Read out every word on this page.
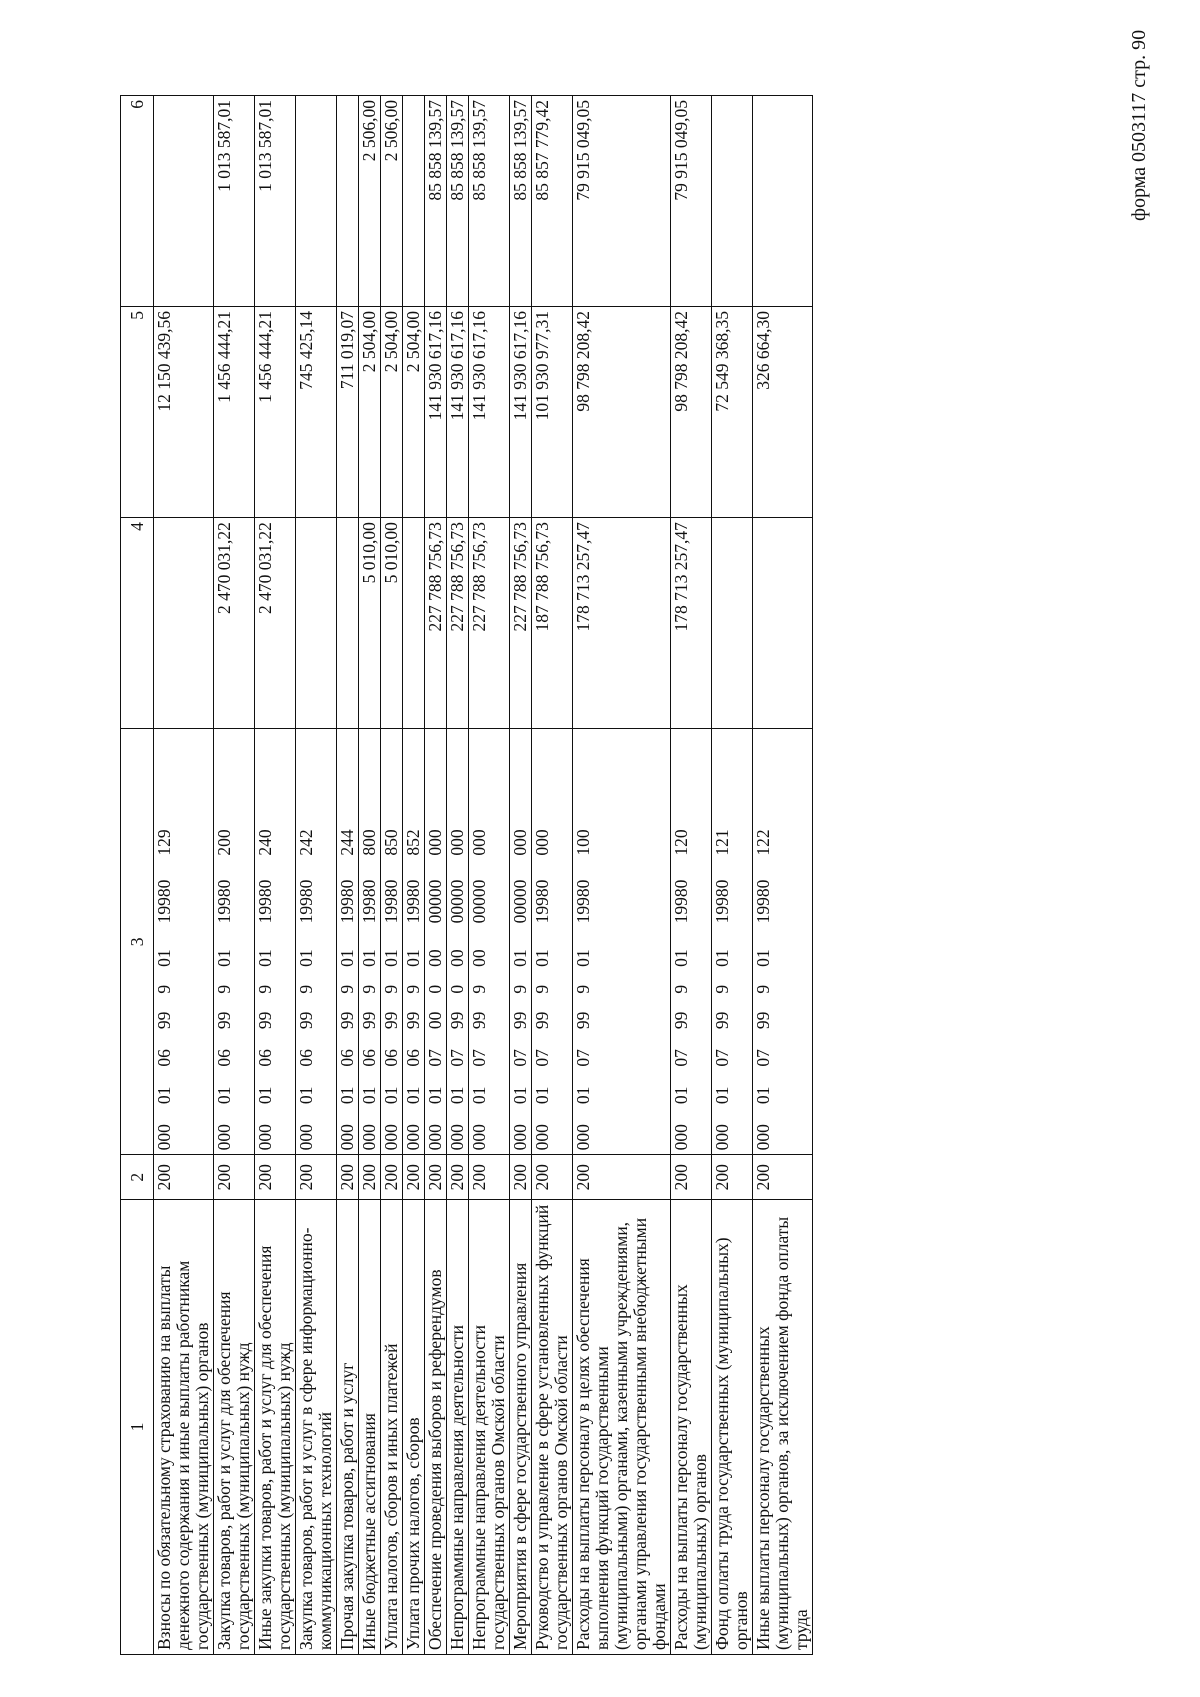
форма 0503117 стр. 90
1	2	3	4	5	6
Взносы по обязательному страхованию на выплаты денежного содержания и иные выплаты работникам государственных (муниципальных) органов	200	00001069990119980129		12 150 439,56	
Закупка товаров, работ и услуг для обеспечения государственных (муниципальных) нужд	200	00001069990119980200	2 470 031,22	1 456 444,21	1 013 587,01
Иные закупки товаров, работ и услуг для обеспечения государственных (муниципальных) нужд	200	00001069990119980240	2 470 031,22	1 456 444,21	1 013 587,01
Закупка товаров, работ и услуг в сфере информационно-коммуникационных технологий	200	00001069990119980242		745 425,14	
Прочая закупка товаров, работ и услуг	200	00001069990119980244		711 019,07	
Иные бюджетные ассигнования	200	00001069990119980800	5 010,00	2 504,00	2 506,00
Уплата налогов, сборов и иных платежей	200	00001069990119980850	5 010,00	2 504,00	2 506,00
Уплата прочих налогов, сборов	200	00001069990119980852		2 504,00	
Обеспечение проведения выборов и референдумов	200	00001070000000000000	227 788 756,73	141 930 617,16	85 858 139,57
Непрограммные направления деятельности	200	00001079900000000000	227 788 756,73	141 930 617,16	85 858 139,57
Непрограммные направления деятельности государственных органов Омской области	200	00001079990000000000	227 788 756,73	141 930 617,16	85 858 139,57
Мероприятия в сфере государственного управления	200	00001079990100000000	227 788 756,73	141 930 617,16	85 858 139,57
Руководство и управление в сфере установленных функций государственных органов Омской области	200	00001079990119980000	187 788 756,73	101 930 977,31	85 857 779,42
Расходы на выплаты персоналу в целях обеспечения выполнения функций государственными (муниципальными) органами, казенными учреждениями, органами управления государственными внебюджетными фондами	200	00001079990119980100	178 713 257,47	98 798 208,42	79 915 049,05
Расходы на выплаты персоналу государственных (муниципальных) органов	200	00001079990119980120	178 713 257,47	98 798 208,42	79 915 049,05
Фонд оплаты труда государственных (муниципальных) органов	200	00001079990119980121		72 549 368,35	
Иные выплаты персоналу государственных (муниципальных) органов, за исключением фонда оплаты труда	200	00001079990119980122		326 664,30	
